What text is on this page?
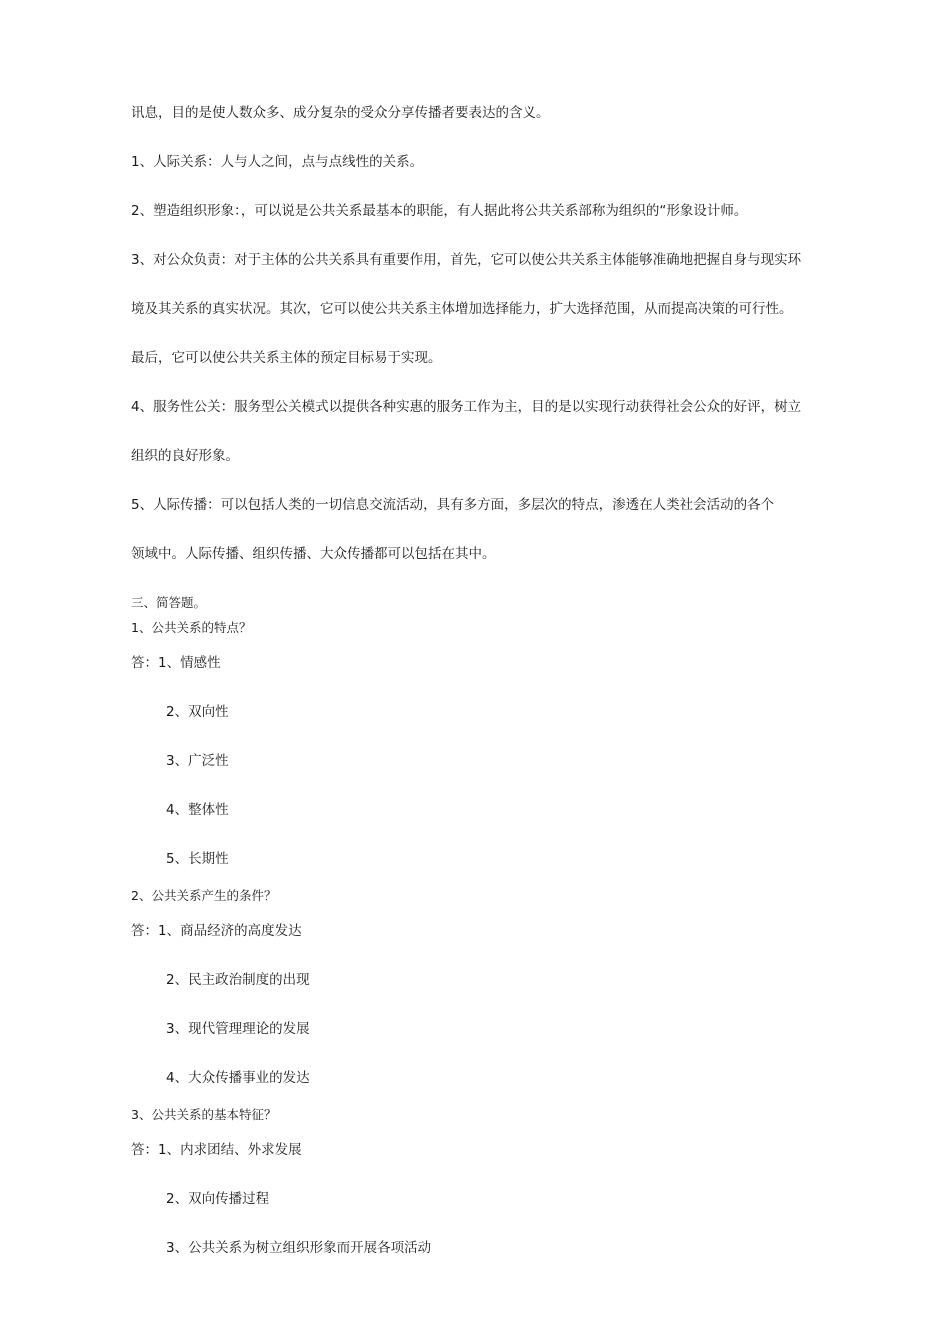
讯息，目的是使人数众多、成分复杂的受众分享传播者要表达的含义。
1、人际关系：人与人之间，点与点线性的关系。
2、塑造组织形象：，可以说是公共关系最基本的职能，有人据此将公共关系部称为组织的“形象设计师。
3、对公众负责：对于主体的公共关系具有重要作用，首先，它可以使公共关系主体能够准确地把握自身与现实环
境及其关系的真实状况。其次，它可以使公共关系主体增加选择能力，扩大选择范围，从而提高决策的可行性。
最后，它可以使公共关系主体的预定目标易于实现。
4、服务性公关：服务型公关模式以提供各种实惠的服务工作为主，目的是以实现行动获得社会公众的好评，树立
组织的良好形象。
5、人际传播：可以包括人类的一切信息交流活动，具有多方面，多层次的特点，渗透在人类社会活动的各个
领域中。人际传播、组织传播、大众传播都可以包括在其中。
三、简答题。
1、公共关系的特点？
答：1、情感性
2、双向性
3、广泛性
4、整体性
5、长期性
2、公共关系产生的条件？
答：1、商品经济的高度发达
2、民主政治制度的出现
3、现代管理理论的发展
4、大众传播事业的发达
3、公共关系的基本特征？
答：1、内求团结、外求发展
2、双向传播过程
3、公共关系为树立组织形象而开展各项活动
